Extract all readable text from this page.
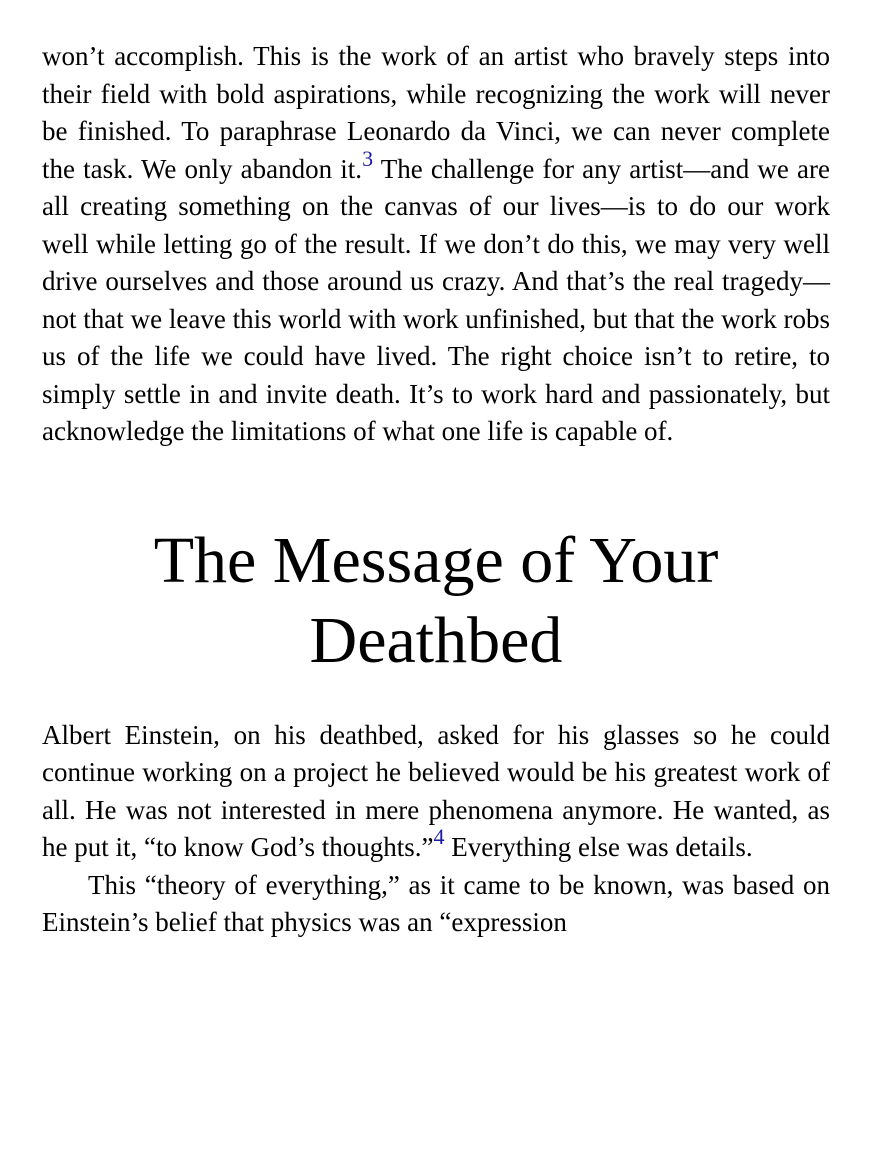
won’t accomplish. This is the work of an artist who bravely steps into their field with bold aspirations, while recognizing the work will never be finished. To paraphrase Leonardo da Vinci, we can never complete the task. We only abandon it.$^3$ The challenge for any artist—and we are all creating something on the canvas of our lives—is to do our work well while letting go of the result. If we don’t do this, we may very well drive ourselves and those around us crazy. And that’s the real tragedy—not that we leave this world with work unfinished, but that the work robs us of the life we could have lived. The right choice isn’t to retire, to simply settle in and invite death. It’s to work hard and passionately, but acknowledge the limitations of what one life is capable of.

The Message of Your Deathbed

Albert Einstein, on his deathbed, asked for his glasses so he could continue working on a project he believed would be his greatest work of all. He was not interested in mere phenomena anymore. He wanted, as he put it, “to know God’s thoughts.”$^4$ Everything else was details.

This “theory of everything,” as it came to be known, was based on Einstein’s belief that physics was an “expression
